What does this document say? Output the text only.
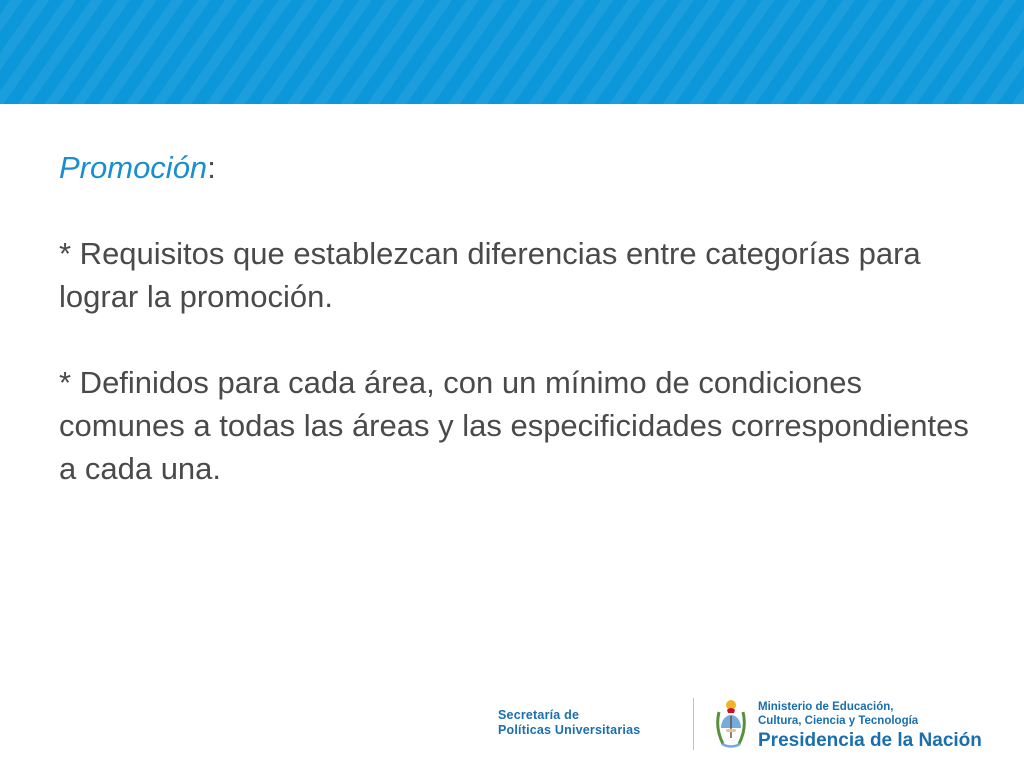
Promoción:

* Requisitos que establezcan diferencias entre categorías para lograr la promoción.

* Definidos para cada área, con un mínimo de condiciones comunes a todas las áreas y las especificidades correspondientes a cada una.

Secretaría de
Políticas Universitarias
Ministerio de Educación,
Cultura, Ciencia y Tecnología
Presidencia de la Nación
